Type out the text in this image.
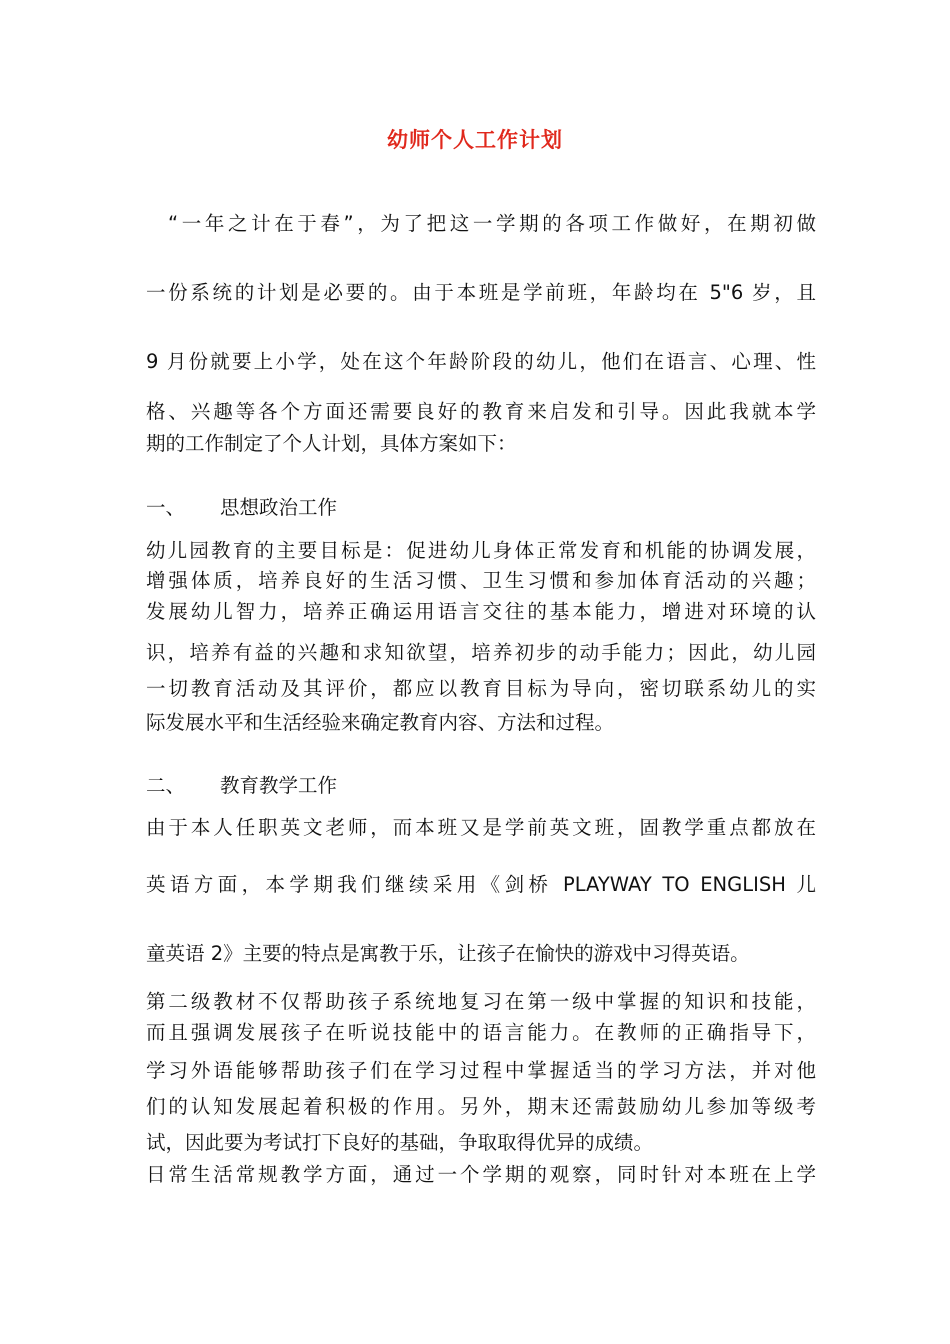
幼师个人工作计划
“一年之计在于春”，为了把这一学期的各项工作做好，在期初做
一份系统的计划是必要的。由于本班是学前班，年龄均在 5"6 岁，且
9 月份就要上小学，处在这个年龄阶段的幼儿，他们在语言、心理、性
格、兴趣等各个方面还需要良好的教育来启发和引导。因此我就本学
期的工作制定了个人计划，具体方案如下：
一、 思想政治工作
幼儿园教育的主要目标是：促进幼儿身体正常发育和机能的协调发展，
增强体质，培养良好的生活习惯、卫生习惯和参加体育活动的兴趣；
发展幼儿智力，培养正确运用语言交往的基本能力，增进对环境的认
识，培养有益的兴趣和求知欲望，培养初步的动手能力；因此，幼儿园
一切教育活动及其评价，都应以教育目标为导向，密切联系幼儿的实
际发展水平和生活经验来确定教育内容、方法和过程。
二、 教育教学工作
由于本人任职英文老师，而本班又是学前英文班，固教学重点都放在
英语方面，本学期我们继续采用《剑桥 PLAYWAY TO ENGLISH 儿
童英语 2》主要的特点是寓教于乐，让孩子在愉快的游戏中习得英语。
第二级教材不仅帮助孩子系统地复习在第一级中掌握的知识和技能，
而且强调发展孩子在听说技能中的语言能力。在教师的正确指导下，
学习外语能够帮助孩子们在学习过程中掌握适当的学习方法，并对他
们的认知发展起着积极的作用。另外，期末还需鼓励幼儿参加等级考
试，因此要为考试打下良好的基础，争取取得优异的成绩。
日常生活常规教学方面，通过一个学期的观察，同时针对本班在上学
